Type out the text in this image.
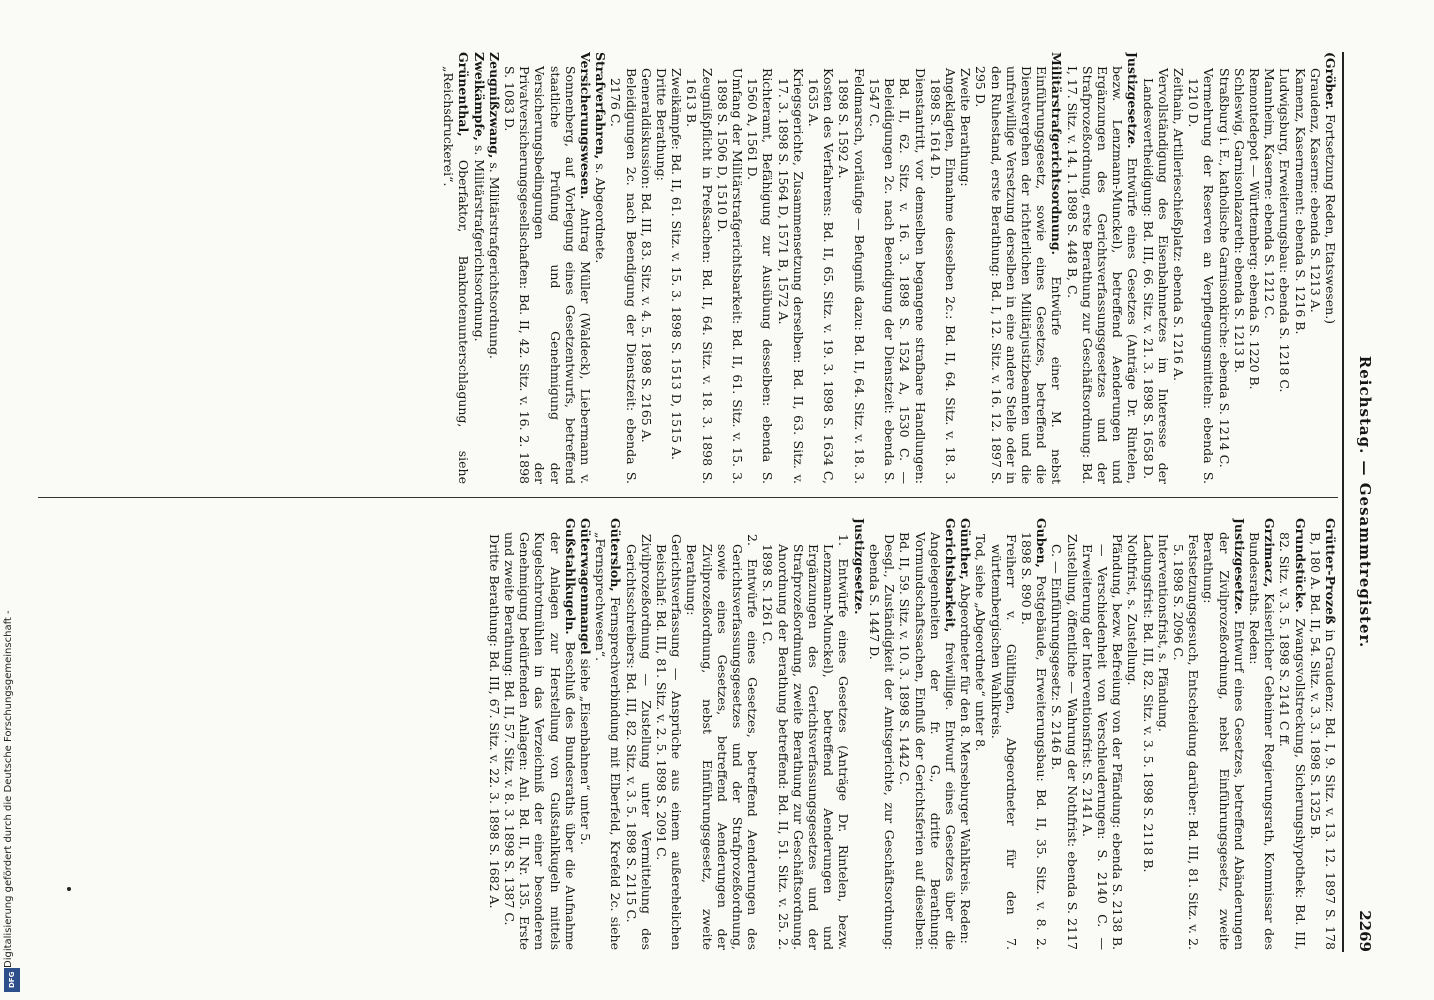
Reichstag. — Gesammtregister.
2269
(Gröber. Fortsetzung Reden, Etatswesen.)
Graudenz, Kaserne: ebenda S. 1213 A.
Kamenz, Kasernement: ebenda S. 1216 B.
Ludwigsburg, Erweiterungsbau: ebenda S. 1218 C.
Mannheim, Kaserne: ebenda S. 1212 C.
Remontedepot — Württemberg: ebenda S. 1220 B.
Schleswig, Garnisonlazareth: ebenda S. 1213 B.
Straßburg i. E., katholische Garnisonkirche: ebenda S. 1214 C.
Vermehrung der Reserven an Verpflegungsmitteln: ebenda S. 1210 D.
Zeithain, Artillerieschießplatz: ebenda S. 1216 A.
Vervollständigung des Eisenbahnnetzes im Interesse der Landesvertheidigung: Bd. III, 66. Sitz. v. 21. 3. 1898 S. 1658 D.
Justizgesetze. Entwürfe eines Gesetzes (Anträge Dr. Rintelen, bezw. Lenzmann-Munckel), betreffend Aenderungen und Ergänzungen des Gerichtsverfassungsgesetzes und der Strafprozeßordnung, erste Berathung zur Geschäftsordnung: Bd. I, 17. Sitz. v. 14. 1. 1898 S. 448 B, C.
Militärstrafgerichtsordnung. Entwürfe einer M. nebst Einführungsgesetz, sowie eines Gesetzes, betreffend die Dienstvergehen der richterlichen Militärjustizbeamten und die unfreiwillige Versetzung derselben in eine andere Stelle oder in den Ruhestand, erste Berathung: Bd. I, 12. Sitz. v. 16. 12. 1897 S. 295 D.
Zweite Berathung:
Angeklagten, Einnahme desselben 2c.: Bd. II, 64. Sitz. v. 18. 3. 1898 S. 1614 D.
Dienstantritt, vor demselben begangene strafbare Handlungen: Bd. II, 62. Sitz. v. 16. 3. 1898 S. 1524 A, 1530 C. — Beleidigungen 2c. nach Beendigung der Dienstzeit: ebenda S. 1547 C.
Feldmarsch, vorläufige — Befugniß dazu: Bd. II, 64. Sitz. v. 18. 3. 1898 S. 1592 A.
Kosten des Verfahrens: Bd. II, 65. Sitz. v. 19. 3. 1898 S. 1634 C, 1635 A.
Kriegsgerichte, Zusammensetzung derselben: Bd. II, 63. Sitz. v. 17. 3. 1898 S. 1564 D, 1571 B, 1572 A.
Richteramt, Befähigung zur Ausübung desselben: ebenda S. 1560 A, 1561 D.
Umfang der Militärstrafgerichtsbarkeit: Bd. II, 61. Sitz. v. 15. 3. 1898 S. 1506 D, 1510 D.
Zeugnißpflicht in Preßsachen: Bd. II, 64. Sitz. v. 18. 3. 1898 S. 1613 B.
Zweikämpfe: Bd. II, 61. Sitz. v. 15. 3. 1898 S. 1513 D, 1515 A.
Dritte Berathung:
Generaldiskussion: Bd. III, 83. Sitz. v. 4. 5. 1898 S. 2165 A.
Beleidigungen 2c. nach Beendigung der Dienstzeit: ebenda S. 2176 C.
Strafverfahren, s. Abgeordnete.
Versicherungswesen. Antrag Müller (Waldeck), Liebermann v. Sonnenberg, auf Vorlegung eines Gesetzentwurfs, betreffend staatliche Prüfung und Genehmigung der Versicherungsbedingungen der Privatversicherungsgesellschaften: Bd. II, 42. Sitz. v. 16. 2. 1898 S. 1083 D.
Zeugnißzwang, s. Militärstrafgerichtsordnung.
Zweikämpfe, s. Militärstrafgerichtsordnung.
Grünenthal, Oberfaktor, Banknotenunterschlagung, siehe „Reichsdruckerei“.
Grütter-Prozeß in Graudenz: Bd. I, 9. Sitz. v. 13. 12. 1897 S. 178 B, 180 A. Bd. II, 54. Sitz. v. 3. 3. 1898 S. 1325 B.
Grundstücke. Zwangsvollstreckung, Sicherungshypothek: Bd. III, 82. Sitz. v. 3. 5. 1898 S. 2141 C ff.
Grzimacz, Kaiserlicher Geheimer Regierungsrath, Kommissar des Bundesraths. Reden:
Justizgesetze. Entwurf eines Gesetzes, betreffend Abänderungen der Zivilprozeßordnung, nebst Einführungsgesetz, zweite Berathung:
Festsetzungsgesuch, Entscheidung darüber: Bd. III, 81. Sitz. v. 2. 5. 1898 S. 2096 C.
Interventionsfrist, s. Pfändung.
Ladungsfrist: Bd. III, 82. Sitz. v. 3. 5. 1898 S. 2118 B.
Nothfrist, s. Zustellung.
Pfändung, bezw. Befreiung von der Pfändung: ebenda S. 2138 B. — Verschiedenheit von Verschleuderungen: S. 2140 C. — Erweiterung der Interventionsfrist: S. 2141 A.
Zustellung, öffentliche — Wahrung der Nothfrist: ebenda S. 2117 C. — Einführungsgesetz: S. 2146 B.
Guben, Postgebäude, Erweiterungsbau: Bd. II, 35. Sitz. v. 8. 2. 1898 S. 890 B.
Freiherr v. Gültlingen, Abgeordneter für den 7. württembergischen Wahlkreis.
Tod, siehe „Abgeordnete“ unter 8.
Günther, Abgeordneter für den 8. Merseburger Wahlkreis. Reden:
Gerichtsbarkeit, freiwillige. Entwurf eines Gesetzes über die Angelegenheiten der fr. G., dritte Berathung: Vormundschaftssachen, Einfluß der Gerichtsferien auf dieselben: Bd. II, 59. Sitz. v. 10. 3. 1898 S. 1442 C.
Desgl., Zuständigkeit der Amtsgerichte, zur Geschäftsordnung: ebenda S. 1447 D.
Justizgesetze.
1. Entwürfe eines Gesetzes (Anträge Dr. Rintelen, bezw. Lenzmann-Munckel), betreffend Aenderungen und Ergänzungen des Gerichtsverfassungsgesetzes und der Strafprozeßordnung, zweite Berathung zur Geschäftsordnung. Anordnung der Berathung betreffend: Bd. II, 51. Sitz. v. 25. 2. 1898 S. 1261 C.
2. Entwürfe eines Gesetzes, betreffend Aenderungen des Gerichtsverfassungsgesetzes und der Strafprozeßordnung, sowie eines Gesetzes, betreffend Aenderungen der Zivilprozeßordnung, nebst Einführungsgesetz, zweite Berathung:
Gerichtsverfassung — Ansprüche aus einem außerehelichen Beischlaf: Bd. III, 81. Sitz. v. 2. 5. 1898 S. 2091 C.
Zivilprozeßordnung — Zustellung unter Vermittelung des Gerichtsschreibers: Bd. III, 82. Sitz. v. 3. 5. 1898 S. 2115 C.
Gütersloh, Fernsprechverbindung mit Elberfeld, Krefeld 2c. siehe „Fernsprechwesen“.
Güterwagenmangel siehe „Eisenbahnen“ unter 5.
Gußstahlkugeln. Beschluß des Bundesraths über die Aufnahme der Anlagen zur Herstellung von Gußstahlkugeln mittels Kugelschrotmühlen in das Verzeichniß der einer besonderen Genehmigung bedürfenden Anlagen: Anl. Bd. II, Nr. 135. Erste und zweite Berathung: Bd. II, 57. Sitz. v. 8. 3. 1898 S. 1387 C.
Dritte Berathung: Bd. III, 67. Sitz. v. 22. 3. 1898 S. 1682 A.
Digitalisierung gefördert durch die Deutsche Forschungsgemeinschaft -
DFG
